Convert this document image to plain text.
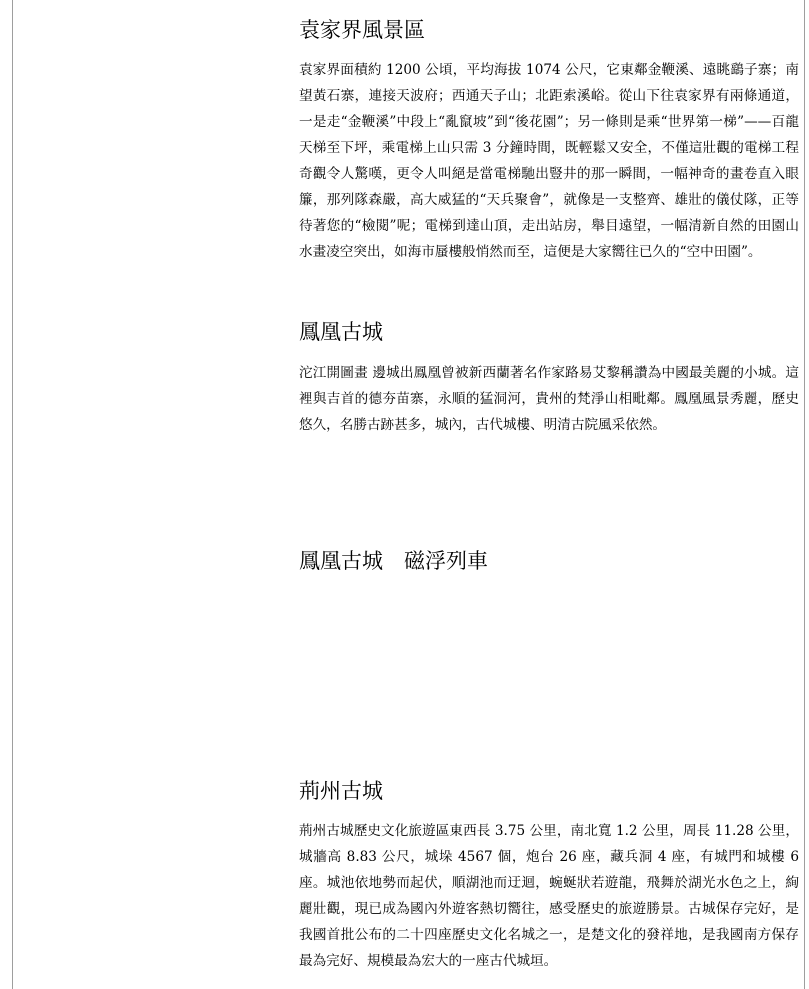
袁家界風景區

袁家界面積約 1200 公頃，平均海拔 1074 公尺，它東鄰金鞭溪、遠眺鷂子寨；南望黃石寨，連接天波府；西通天子山；北距索溪峪。從山下往袁家界有兩條通道，一是走“金鞭溪”中段上“亂竄坡”到“後花園”；另一條則是乘“世界第一梯”——百龍天梯至下坪，乘電梯上山只需 3 分鐘時間，既輕鬆又安全，不僅這壯觀的電梯工程奇觀令人驚嘆，更令人叫絕是當電梯馳出豎井的那一瞬間，一幅神奇的畫卷直入眼簾，那列隊森嚴，高大威猛的“天兵聚會”，就像是一支整齊、雄壯的儀仗隊，正等待著您的“檢閱”呢；電梯到達山頂，走出站房，舉目遠望，一幅清新自然的田園山水畫凌空突出，如海市蜃樓般悄然而至，這便是大家嚮往已久的“空中田園”。

鳳凰古城

沱江開圖畫 邊城出鳳凰曾被新西蘭著名作家路易艾黎稱讚為中國最美麗的小城。這裡與吉首的德夯苗寨，永順的猛洞河，貴州的梵淨山相毗鄰。鳳凰風景秀麗，歷史悠久，名勝古跡甚多，城內，古代城樓、明清古院風采依然。

鳳凰古城　磁浮列車
荊州古城

荊州古城歷史文化旅遊區東西長 3.75 公里，南北寬 1.2 公里，周長 11.28 公里，城牆高 8.83 公尺，城垛 4567 個，炮台 26 座，藏兵洞 4 座，有城門和城樓 6 座。城池依地勢而起伏，順湖池而迂迴，蜿蜒狀若遊龍，飛舞於湖光水色之上，絢麗壯觀，現已成為國內外遊客熱切嚮往，感受歷史的旅遊勝景。古城保存完好，是我國首批公布的二十四座歷史文化名城之一，是楚文化的發祥地，是我國南方保存最為完好、規模最為宏大的一座古代城垣。
